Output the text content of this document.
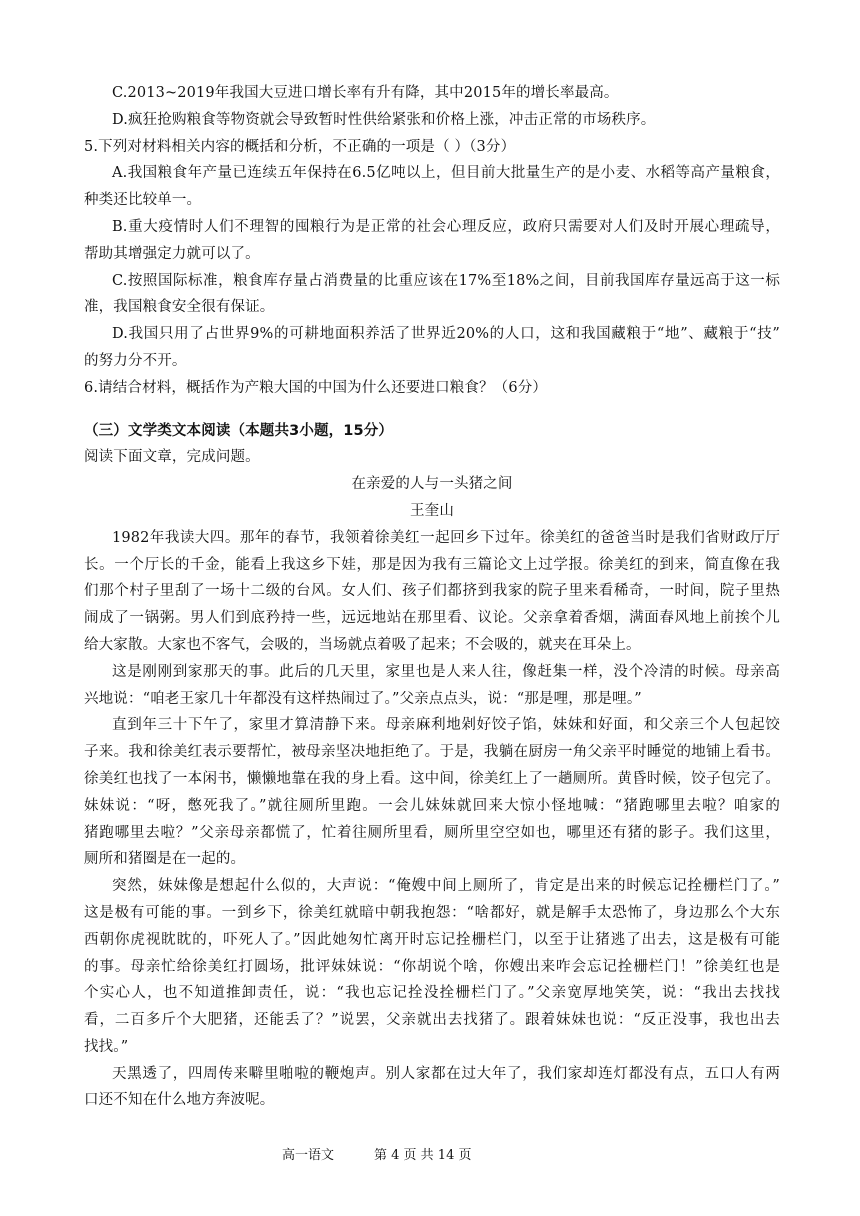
C.2013~2019年我国大豆进口增长率有升有降，其中2015年的增长率最高。

D.疯狂抢购粮食等物资就会导致暂时性供给紧张和价格上涨，冲击正常的市场秩序。

5.下列对材料相关内容的概括和分析，不正确的一项是（ ）（3分）

A.我国粮食年产量已连续五年保持在6.5亿吨以上，但目前大批量生产的是小麦、水稻等高产量粮食，

种类还比较单一。

B.重大疫情时人们不理智的囤粮行为是正常的社会心理反应，政府只需要对人们及时开展心理疏导，

帮助其增强定力就可以了。

C.按照国际标准，粮食库存量占消费量的比重应该在17%至18%之间，目前我国库存量远高于这一标

准，我国粮食安全很有保证。

D.我国只用了占世界9%的可耕地面积养活了世界近20%的人口，这和我国藏粮于“地”、藏粮于“技”

的努力分不开。

6.请结合材料，概括作为产粮大国的中国为什么还要进口粮食？（6分）

（三）文学类文本阅读（本题共3小题，15分）

阅读下面文章，完成问题。

在亲爱的人与一头猪之间

王奎山

1982年我读大四。那年的春节，我领着徐美红一起回乡下过年。徐美红的爸爸当时是我们省财政厅厅

长。一个厅长的千金，能看上我这乡下娃，那是因为我有三篇论文上过学报。徐美红的到来，简直像在我

们那个村子里刮了一场十二级的台风。女人们、孩子们都挤到我家的院子里来看稀奇，一时间，院子里热

闹成了一锅粥。男人们到底矜持一些，远远地站在那里看、议论。父亲拿着香烟，满面春风地上前挨个儿

给大家散。大家也不客气，会吸的，当场就点着吸了起来；不会吸的，就夹在耳朵上。

这是刚刚到家那天的事。此后的几天里，家里也是人来人往，像赶集一样，没个冷清的时候。母亲高

兴地说：“咱老王家几十年都没有这样热闹过了。”父亲点点头，说：“那是哩，那是哩。”

直到年三十下午了，家里才算清静下来。母亲麻利地剁好饺子馅，妹妹和好面，和父亲三个人包起饺

子来。我和徐美红表示要帮忙，被母亲坚决地拒绝了。于是，我躺在厨房一角父亲平时睡觉的地铺上看书。

徐美红也找了一本闲书，懒懒地靠在我的身上看。这中间，徐美红上了一趟厕所。黄昏时候，饺子包完了。

妹妹说：“呀，憋死我了。”就往厕所里跑。一会儿妹妹就回来大惊小怪地喊：“猪跑哪里去啦？咱家的

猪跑哪里去啦？”父亲母亲都慌了，忙着往厕所里看，厕所里空空如也，哪里还有猪的影子。我们这里，

厕所和猪圈是在一起的。

突然，妹妹像是想起什么似的，大声说：“俺嫂中间上厕所了，肯定是出来的时候忘记拴栅栏门了。”

这是极有可能的事。一到乡下，徐美红就暗中朝我抱怨：“啥都好，就是解手太恐怖了，身边那么个大东

西朝你虎视眈眈的，吓死人了。”因此她匆忙离开时忘记拴栅栏门，以至于让猪逃了出去，这是极有可能

的事。母亲忙给徐美红打圆场，批评妹妹说：“你胡说个啥，你嫂出来咋会忘记拴栅栏门！”徐美红也是

个实心人，也不知道推卸责任，说：“我也忘记拴没拴栅栏门了。”父亲宽厚地笑笑，说：“我出去找找

看，二百多斤个大肥猪，还能丢了？”说罢，父亲就出去找猪了。跟着妹妹也说：“反正没事，我也出去

找找。”

天黑透了，四周传来噼里啪啦的鞭炮声。别人家都在过大年了，我们家却连灯都没有点，五口人有两

口还不知在什么地方奔波呢。

高一语文	第 4 页 共 14 页
